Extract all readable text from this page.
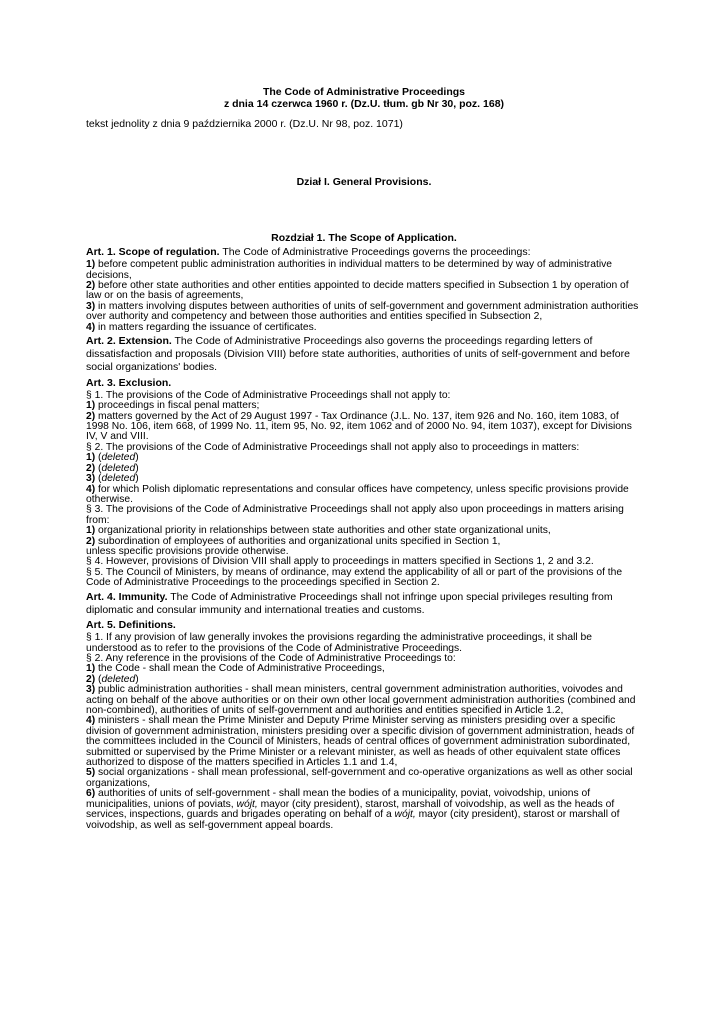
The Code of Administrative Proceedings
z dnia 14 czerwca 1960 r. (Dz.U. tłum. gb Nr 30, poz. 168)
tekst jednolity z dnia 9 października 2000 r. (Dz.U. Nr 98, poz. 1071)
Dział I. General Provisions.
Rozdział 1. The Scope of Application.

Art. 1. Scope of regulation. The Code of Administrative Proceedings governs the proceedings:

1) before competent public administration authorities in individual matters to be determined by way of administrative decisions,

2) before other state authorities and other entities appointed to decide matters specified in Subsection 1 by operation of law or on the basis of agreements,

3) in matters involving disputes between authorities of units of self-government and government administration authorities over authority and competency and between those authorities and entities specified in Subsection 2,

4) in matters regarding the issuance of certificates.

Art. 2. Extension. The Code of Administrative Proceedings also governs the proceedings regarding letters of dissatisfaction and proposals (Division VIII) before state authorities, authorities of units of self-government and before social organizations' bodies.

Art. 3. Exclusion.

§ 1. The provisions of the Code of Administrative Proceedings shall not apply to:

1) proceedings in fiscal penal matters;

2) matters governed by the Act of 29 August 1997 - Tax Ordinance (J.L. No. 137, item 926 and No. 160, item 1083, of 1998 No. 106, item 668, of 1999 No. 11, item 95, No. 92, item 1062 and of 2000 No. 94, item 1037), except for Divisions IV, V and VIII.

§ 2. The provisions of the Code of Administrative Proceedings shall not apply also to proceedings in matters:

1) (deleted)

2) (deleted)

3) (deleted)

4) for which Polish diplomatic representations and consular offices have competency, unless specific provisions provide otherwise.

§ 3. The provisions of the Code of Administrative Proceedings shall not apply also upon proceedings in matters arising from:

1) organizational priority in relationships between state authorities and other state organizational units,

2) subordination of employees of authorities and organizational units specified in Section 1,

unless specific provisions provide otherwise.

§ 4. However, provisions of Division VIII shall apply to proceedings in matters specified in Sections 1, 2 and 3.2.

§ 5. The Council of Ministers, by means of ordinance, may extend the applicability of all or part of the provisions of the Code of Administrative Proceedings to the proceedings specified in Section 2.

Art. 4. Immunity. The Code of Administrative Proceedings shall not infringe upon special privileges resulting from diplomatic and consular immunity and international treaties and customs.

Art. 5. Definitions.

§ 1. If any provision of law generally invokes the provisions regarding the administrative proceedings, it shall be understood as to refer to the provisions of the Code of Administrative Proceedings.

§ 2. Any reference in the provisions of the Code of Administrative Proceedings to:

1) the Code - shall mean the Code of Administrative Proceedings,

2) (deleted)

3) public administration authorities - shall mean ministers, central government administration authorities, voivodes and acting on behalf of the above authorities or on their own other local government administration authorities (combined and non-combined), authorities of units of self-government and authorities and entities specified in Article 1.2,

4) ministers - shall mean the Prime Minister and Deputy Prime Minister serving as ministers presiding over a specific division of government administration, ministers presiding over a specific division of government administration, heads of the committees included in the Council of Ministers, heads of central offices of government administration subordinated, submitted or supervised by the Prime Minister or a relevant minister, as well as heads of other equivalent state offices authorized to dispose of the matters specified in Articles 1.1 and 1.4,

5) social organizations - shall mean professional, self-government and co-operative organizations as well as other social organizations,

6) authorities of units of self-government - shall mean the bodies of a municipality, poviat, voivodship, unions of municipalities, unions of poviats, wójt, mayor (city president), starost, marshall of voivodship, as well as the heads of services, inspections, guards and brigades operating on behalf of a wójt, mayor (city president), starost or marshall of voivodship, as well as self-government appeal boards.
